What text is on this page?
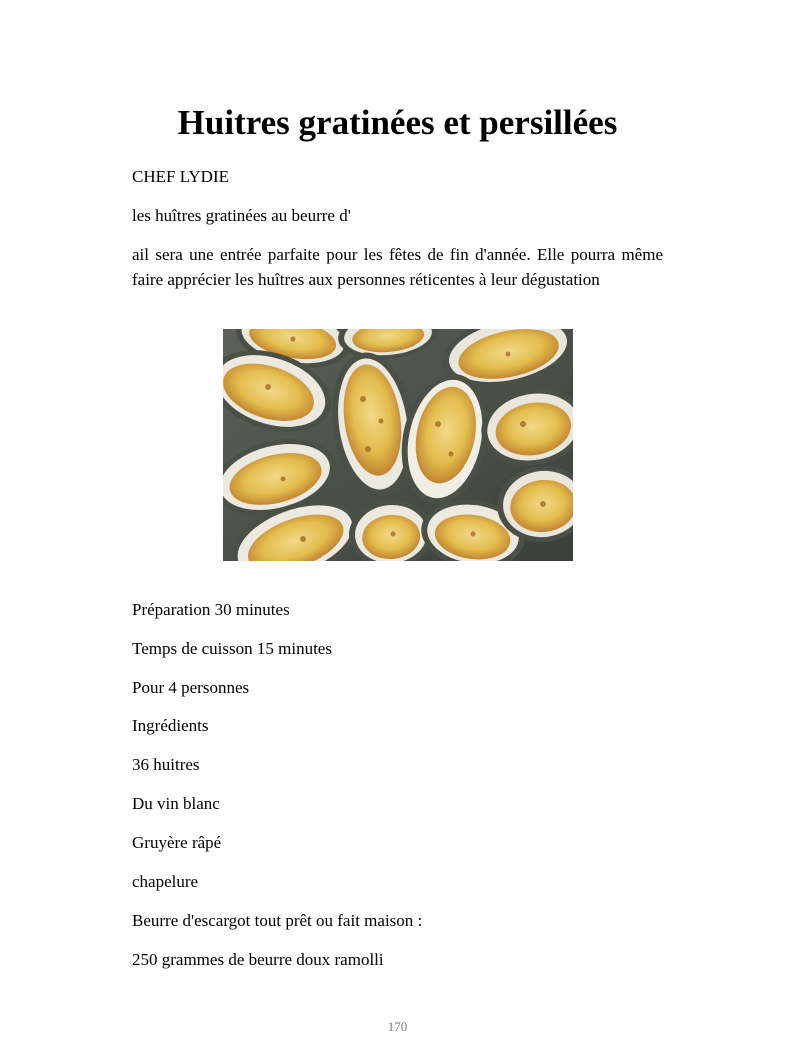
Huitres gratinées et persillées
CHEF LYDIE
les huîtres gratinées au beurre d'
ail sera une entrée parfaite pour les fêtes de fin d'année. Elle pourra même faire apprécier les huîtres aux personnes réticentes à leur dégustation
Préparation 30 minutes
Temps de cuisson 15 minutes
Pour 4 personnes
Ingrédients
36 huitres
Du vin blanc
Gruyère râpé
chapelure
Beurre d'escargot tout prêt ou fait maison :
250 grammes de beurre doux ramolli
170
